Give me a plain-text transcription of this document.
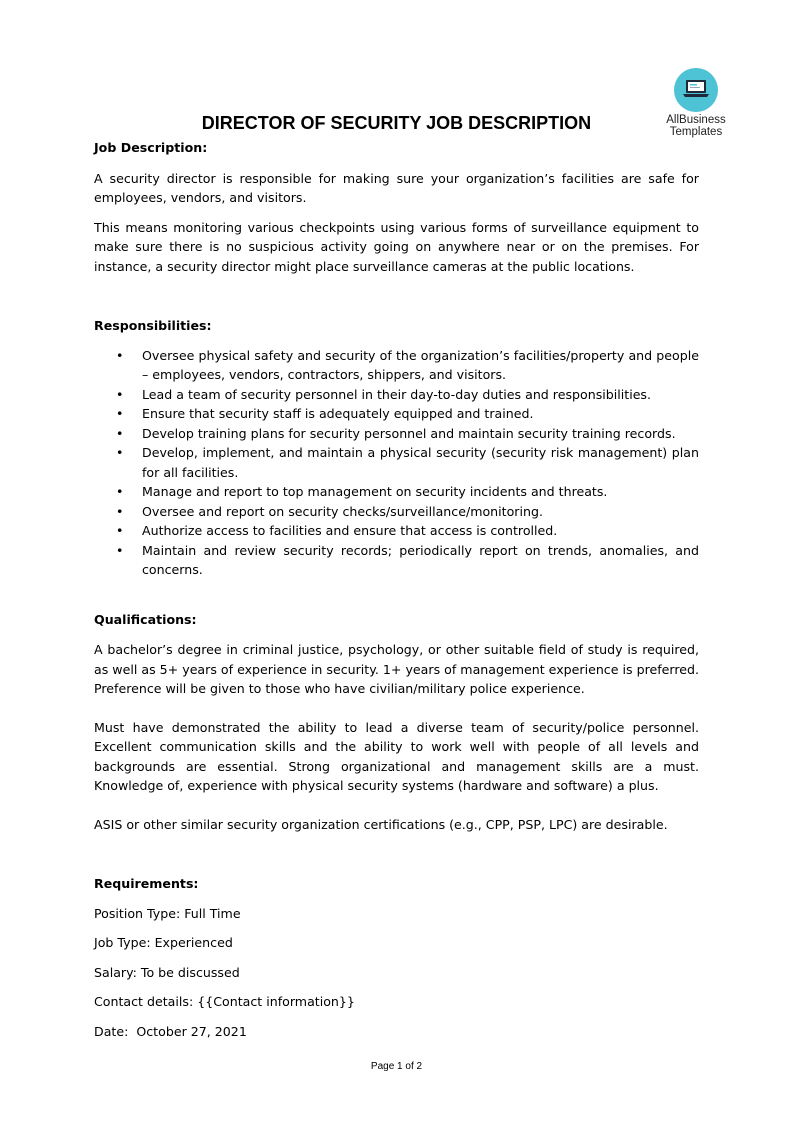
AllBusiness
Templates
DIRECTOR OF SECURITY JOB DESCRIPTION

Job Description:

A security director is responsible for making sure your organization’s facilities are safe for employees, vendors, and visitors.

This means monitoring various checkpoints using various forms of surveillance equipment to make sure there is no suspicious activity going on anywhere near or on the premises. For instance, a security director might place surveillance cameras at the public locations.

Responsibilities:

• Oversee physical safety and security of the organization’s facilities/property and people – employees, vendors, contractors, shippers, and visitors.
• Lead a team of security personnel in their day-to-day duties and responsibilities.
• Ensure that security staff is adequately equipped and trained.
• Develop training plans for security personnel and maintain security training records.
• Develop, implement, and maintain a physical security (security risk management) plan for all facilities.
• Manage and report to top management on security incidents and threats.
• Oversee and report on security checks/surveillance/monitoring.
• Authorize access to facilities and ensure that access is controlled.
• Maintain and review security records; periodically report on trends, anomalies, and concerns.

Qualifications:

A bachelor’s degree in criminal justice, psychology, or other suitable field of study is required, as well as 5+ years of experience in security. 1+ years of management experience is preferred. Preference will be given to those who have civilian/military police experience.

Must have demonstrated the ability to lead a diverse team of security/police personnel. Excellent communication skills and the ability to work well with people of all levels and backgrounds are essential. Strong organizational and management skills are a must. Knowledge of, experience with physical security systems (hardware and software) a plus.

ASIS or other similar security organization certifications (e.g., CPP, PSP, LPC) are desirable.

Requirements:

Position Type: Full Time

Job Type: Experienced

Salary: To be discussed

Contact details: {{Contact information}}

Date:  October 27, 2021

Page 1 of 2
